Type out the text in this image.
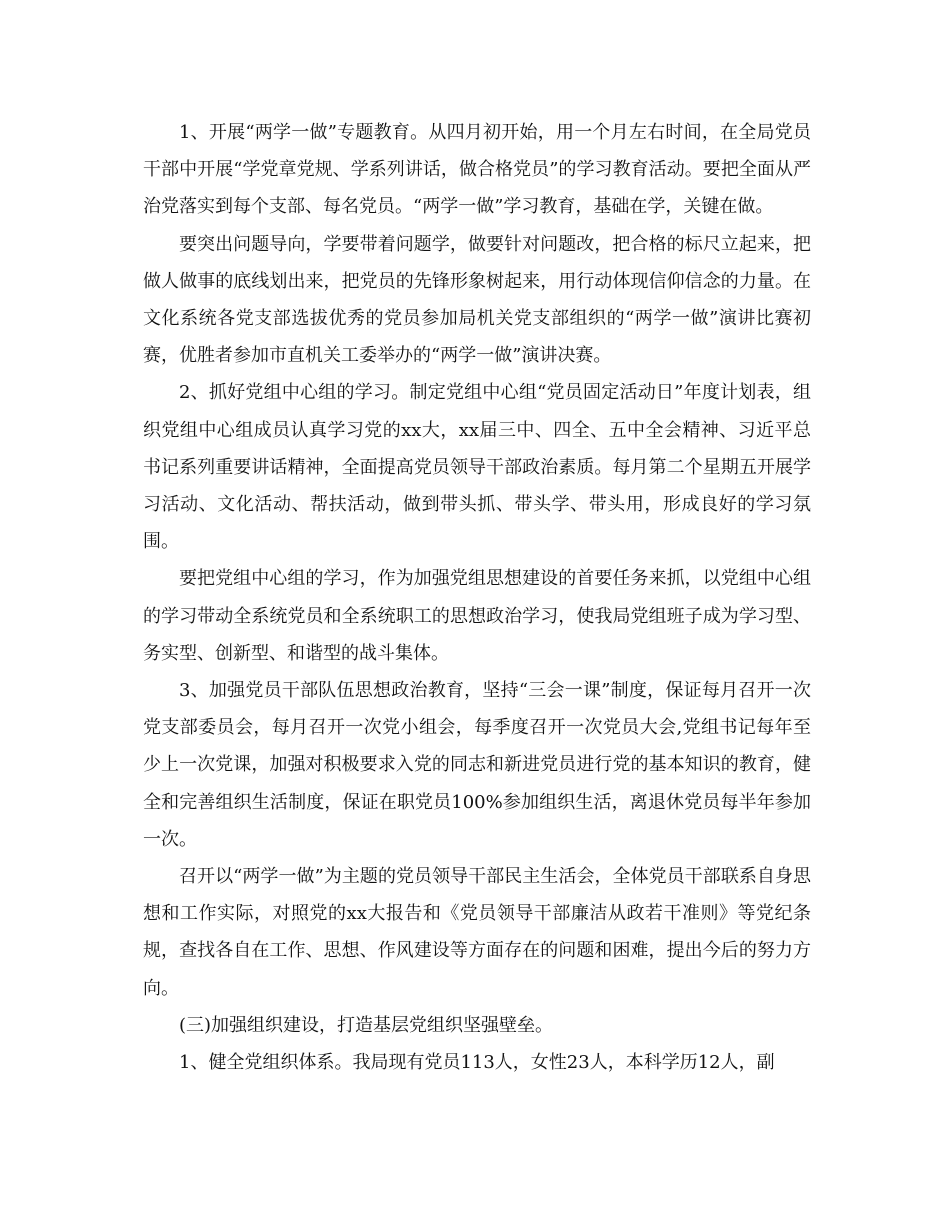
1、开展“两学一做”专题教育。从四月初开始，用一个月左右时间，在全局党员干部中开展“学党章党规、学系列讲话，做合格党员”的学习教育活动。要把全面从严治党落实到每个支部、每名党员。“两学一做”学习教育，基础在学，关键在做。

要突出问题导向，学要带着问题学，做要针对问题改，把合格的标尺立起来，把做人做事的底线划出来，把党员的先锋形象树起来，用行动体现信仰信念的力量。在文化系统各党支部选拔优秀的党员参加局机关党支部组织的“两学一做”演讲比赛初赛，优胜者参加市直机关工委举办的“两学一做”演讲决赛。

2、抓好党组中心组的学习。制定党组中心组“党员固定活动日”年度计划表，组织党组中心组成员认真学习党的xx大，xx届三中、四全、五中全会精神、习近平总书记系列重要讲话精神，全面提高党员领导干部政治素质。每月第二个星期五开展学习活动、文化活动、帮扶活动，做到带头抓、带头学、带头用，形成良好的学习氛围。

要把党组中心组的学习，作为加强党组思想建设的首要任务来抓，以党组中心组的学习带动全系统党员和全系统职工的思想政治学习，使我局党组班子成为学习型、务实型、创新型、和谐型的战斗集体。

3、加强党员干部队伍思想政治教育，坚持“三会一课”制度，保证每月召开一次党支部委员会，每月召开一次党小组会，每季度召开一次党员大会,党组书记每年至少上一次党课，加强对积极要求入党的同志和新进党员进行党的基本知识的教育，健全和完善组织生活制度，保证在职党员100%参加组织生活，离退休党员每半年参加一次。

召开以“两学一做”为主题的党员领导干部民主生活会，全体党员干部联系自身思想和工作实际，对照党的xx大报告和《党员领导干部廉洁从政若干准则》等党纪条规，查找各自在工作、思想、作风建设等方面存在的问题和困难，提出今后的努力方向。

(三)加强组织建设，打造基层党组织坚强壁垒。

1、健全党组织体系。我局现有党员113人，女性23人，本科学历12人，副
